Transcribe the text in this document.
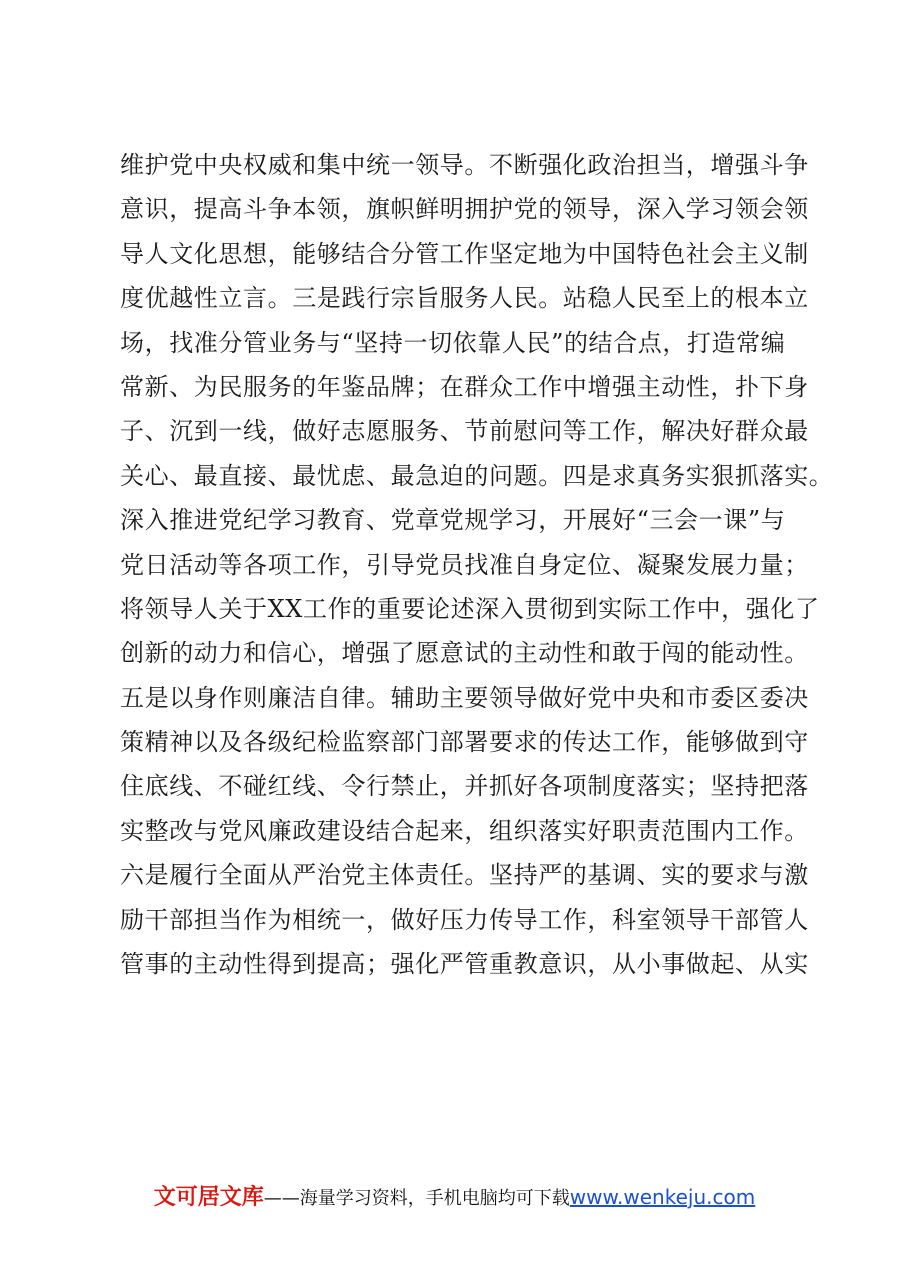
维护党中央权威和集中统一领导。不断强化政治担当，增强斗争
意识，提高斗争本领，旗帜鲜明拥护党的领导，深入学习领会领
导人文化思想，能够结合分管工作坚定地为中国特色社会主义制
度优越性立言。三是践行宗旨服务人民。站稳人民至上的根本立
场，找准分管业务与“坚持一切依靠人民”的结合点，打造常编
常新、为民服务的年鉴品牌；在群众工作中增强主动性，扑下身
子、沉到一线，做好志愿服务、节前慰问等工作，解决好群众最
关心、最直接、最忧虑、最急迫的问题。四是求真务实狠抓落实。
深入推进党纪学习教育、党章党规学习，开展好“三会一课”与
党日活动等各项工作，引导党员找准自身定位、凝聚发展力量；
将领导人关于XX工作的重要论述深入贯彻到实际工作中，强化了
创新的动力和信心，增强了愿意试的主动性和敢于闯的能动性。
五是以身作则廉洁自律。辅助主要领导做好党中央和市委区委决
策精神以及各级纪检监察部门部署要求的传达工作，能够做到守
住底线、不碰红线、令行禁止，并抓好各项制度落实；坚持把落
实整改与党风廉政建设结合起来，组织落实好职责范围内工作。
六是履行全面从严治党主体责任。坚持严的基调、实的要求与激
励干部担当作为相统一，做好压力传导工作，科室领导干部管人
管事的主动性得到提高；强化严管重教意识，从小事做起、从实
文可居文库——海量学习资料，手机电脑均可下载www.wenkeju.com
